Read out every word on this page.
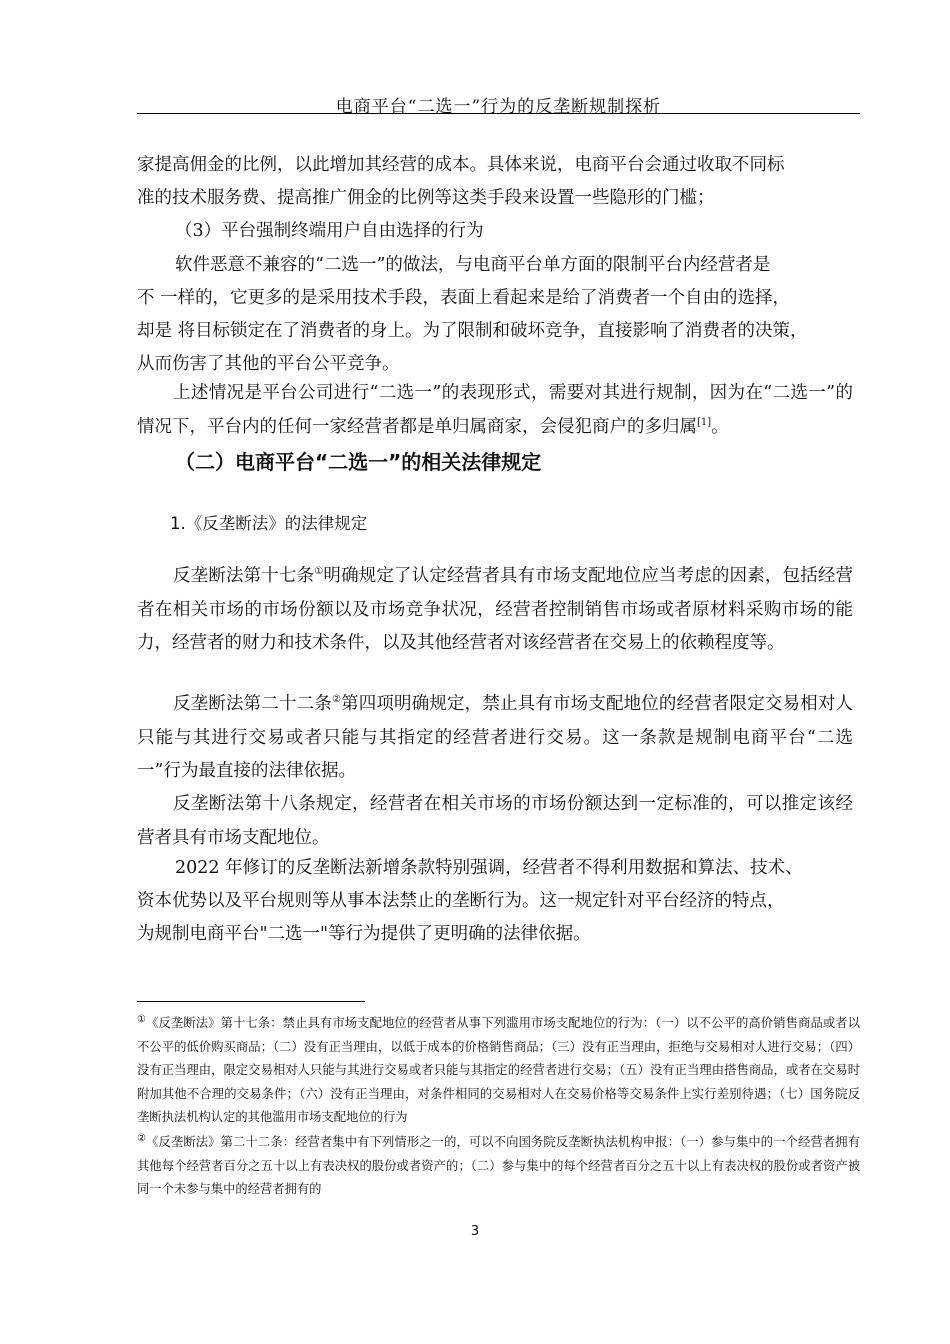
电商平台“二选一”行为的反垄断规制探析
家提高佣金的比例，以此增加其经营的成本。具体来说，电商平台会通过收取不同标
准的技术服务费、提高推广佣金的比例等这类手段来设置一些隐形的门槛；
（3）平台强制终端用户自由选择的行为
软件恶意不兼容的“二选一”的做法，与电商平台单方面的限制平台内经营者是
不 一样的，它更多的是采用技术手段，表面上看起来是给了消费者一个自由的选择，
却是 将目标锁定在了消费者的身上。为了限制和破坏竞争，直接影响了消费者的决策，
从而伤害了其他的平台公平竞争。

上述情况是平台公司进行“二选一”的表现形式，需要对其进行规制，因为在“二选一”的情况下，平台内的任何一家经营者都是单归属商家，会侵犯商户的多归属[1]。

（二）电商平台“二选一”的相关法律规定
1.《反垄断法》的法律规定

反垄断法第十七条①明确规定了认定经营者具有市场支配地位应当考虑的因素，包括经营者在相关市场的市场份额以及市场竞争状况，经营者控制销售市场或者原材料采购市场的能力，经营者的财力和技术条件，以及其他经营者对该经营者在交易上的依赖程度等。

反垄断法第二十二条②第四项明确规定，禁止具有市场支配地位的经营者限定交易相对人只能与其进行交易或者只能与其指定的经营者进行交易。这一条款是规制电商平台“二选一”行为最直接的法律依据。

反垄断法第十八条规定，经营者在相关市场的市场份额达到一定标准的，可以推定该经营者具有市场支配地位。

2022 年修订的反垄断法新增条款特别强调，经营者不得利用数据和算法、技术、
资本优势以及平台规则等从事本法禁止的垄断行为。这一规定针对平台经济的特点，
为规制电商平台"二选一"等行为提供了更明确的法律依据。

①《反垄断法》第十七条：禁止具有市场支配地位的经营者从事下列滥用市场支配地位的行为：（一）以不公平的高价销售商品或者以不公平的低价购买商品；（二）没有正当理由，以低于成本的价格销售商品；（三）没有正当理由，拒绝与交易相对人进行交易；（四）没有正当理由，限定交易相对人只能与其进行交易或者只能与其指定的经营者进行交易；（五）没有正当理由搭售商品，或者在交易时附加其他不合理的交易条件；（六）没有正当理由，对条件相同的交易相对人在交易价格等交易条件上实行差别待遇；（七）国务院反垄断执法机构认定的其他滥用市场支配地位的行为

②《反垄断法》第二十二条：经营者集中有下列情形之一的，可以不向国务院反垄断执法机构申报：（一）参与集中的一个经营者拥有其他每个经营者百分之五十以上有表决权的股份或者资产的；（二）参与集中的每个经营者百分之五十以上有表决权的股份或者资产被同一个未参与集中的经营者拥有的

3
